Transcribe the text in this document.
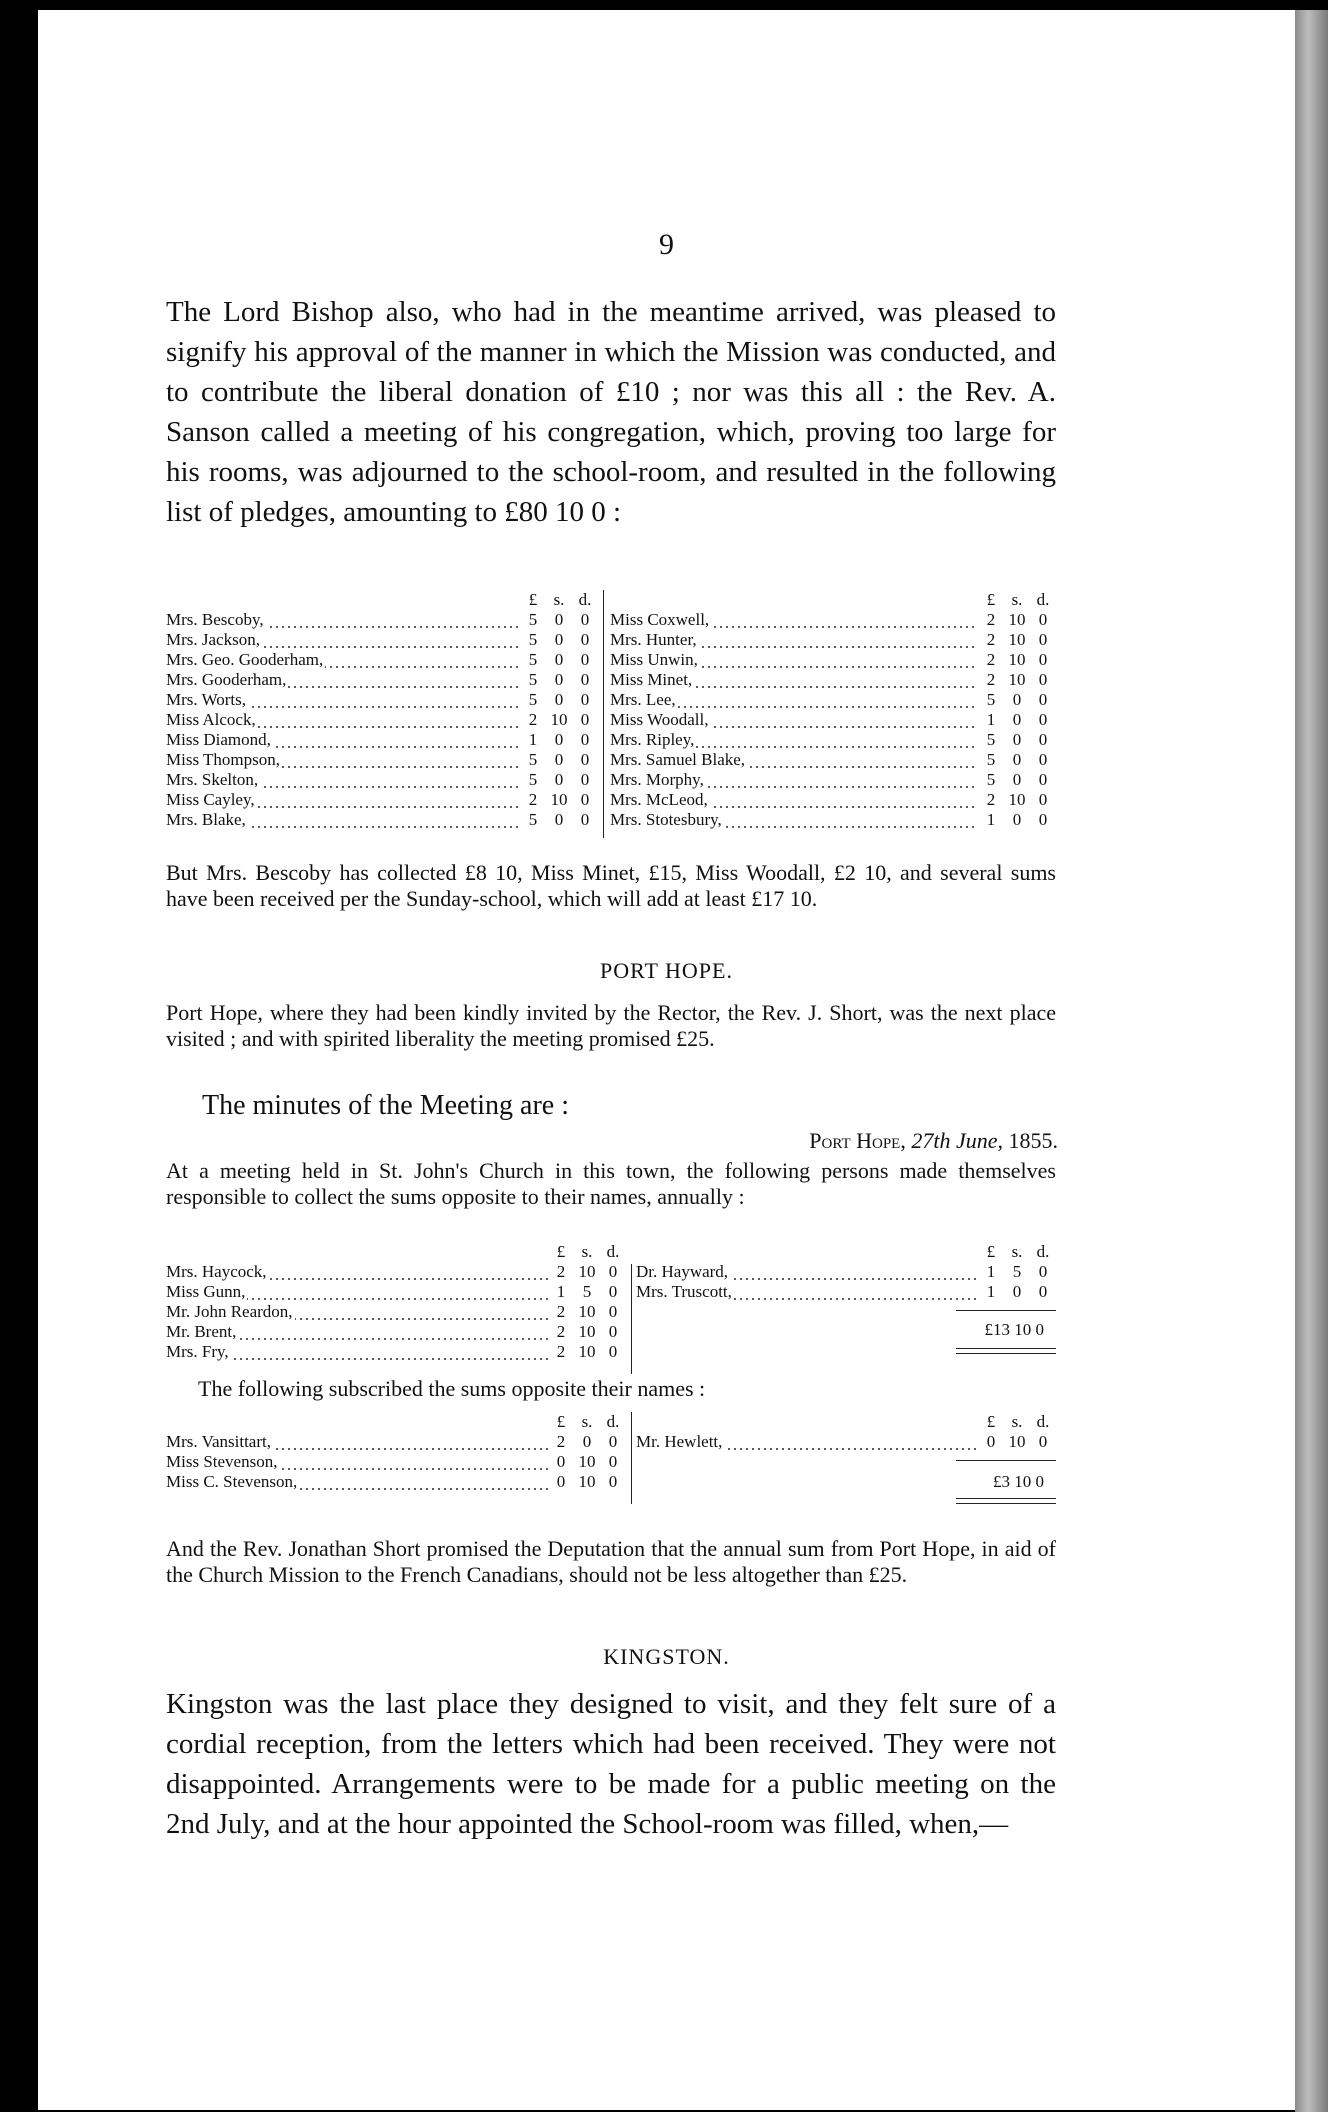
9
The Lord Bishop also, who had in the meantime arrived, was pleased to signify his approval of the manner in which the Mission was conducted, and to contribute the liberal donation of £10 ; nor was this all : the Rev. A. Sanson called a meeting of his congregation, which, proving too large for his rooms, was adjourned to the school-room, and resulted in the following list of pledges, amounting to £80 10 0 :
	£	s.	d.
Mrs. Bescoby,	5	0	0
Mrs. Jackson,	5	0	0
Mrs. Geo. Gooderham,	5	0	0
Mrs. Gooderham,	5	0	0
Mrs. Worts,	5	0	0
Miss Alcock,	2	10	0
Miss Diamond,	1	0	0
Miss Thompson,	5	0	0
Mrs. Skelton,	5	0	0
Miss Cayley,	2	10	0
Mrs. Blake,	5	0	0
	£	s.	d.
Miss Coxwell,	2	10	0
Mrs. Hunter,	2	10	0
Miss Unwin,	2	10	0
Miss Minet,	2	10	0
Mrs. Lee,	5	0	0
Miss Woodall,	1	0	0
Mrs. Ripley,	5	0	0
Mrs. Samuel Blake,	5	0	0
Mrs. Morphy,	5	0	0
Mrs. McLeod,	2	10	0
Mrs. Stotesbury,	1	0	0
But Mrs. Bescoby has collected £8 10, Miss Minet, £15, Miss Woodall, £2 10, and several sums have been received per the Sunday-school, which will add at least £17 10.
PORT HOPE.
Port Hope, where they had been kindly invited by the Rector, the Rev. J. Short, was the next place visited ; and with spirited liberality the meeting promised £25.
The minutes of the Meeting are :
Port Hope, 27th June, 1855.
At a meeting held in St. John's Church in this town, the following persons made themselves responsible to collect the sums opposite to their names, annually :
	£	s.	d.
Mrs. Haycock,	2	10	0
Miss Gunn,	1	5	0
Mr. John Reardon,	2	10	0
Mr. Brent,	2	10	0
Mrs. Fry,	2	10	0
	£	s.	d.
Dr. Hayward,	1	5	0
Mrs. Truscott,	1	0	0
£13 10 0
The following subscribed the sums opposite their names :
	£	s.	d.
Mrs. Vansittart,	2	0	0
Miss Stevenson,	0	10	0
Miss C. Stevenson,	0	10	0
	£	s.	d.
Mr. Hewlett,	0	10	0
£3 10 0
And the Rev. Jonathan Short promised the Deputation that the annual sum from Port Hope, in aid of the Church Mission to the French Canadians, should not be less altogether than £25.
KINGSTON.
Kingston was the last place they designed to visit, and they felt sure of a cordial reception, from the letters which had been received. They were not disappointed. Arrangements were to be made for a public meeting on the 2nd July, and at the hour appointed the School-room was filled, when,—
